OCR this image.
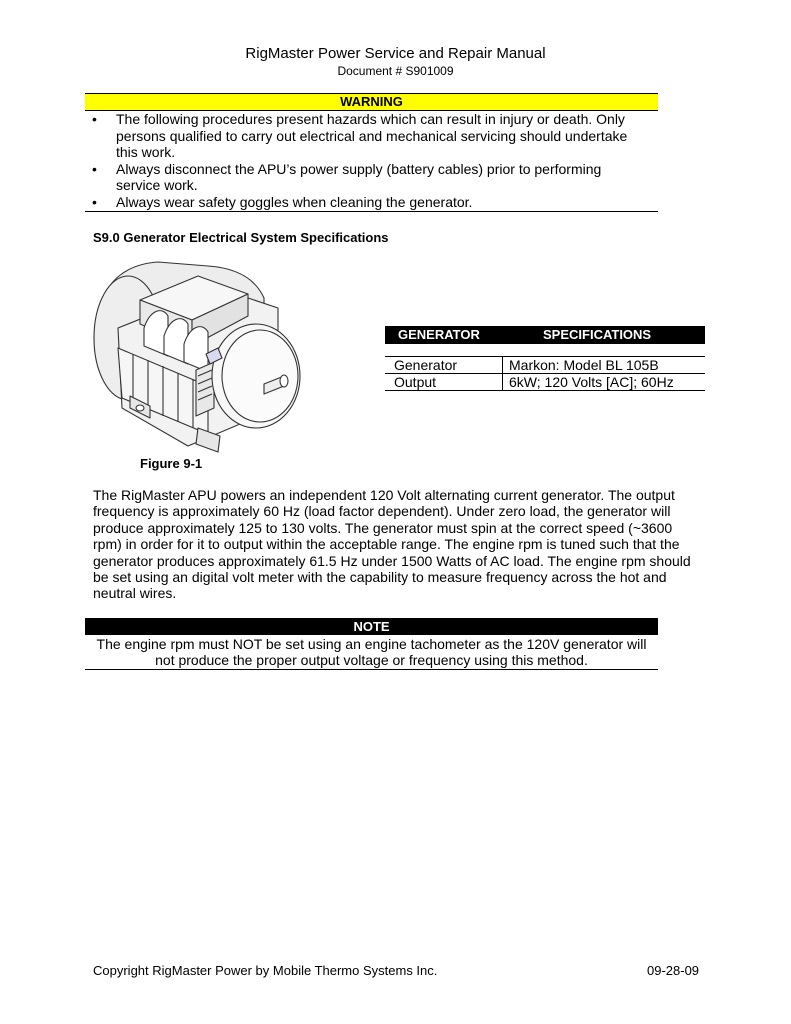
RigMaster Power Service and Repair Manual
Document # S901009
WARNING
• The following procedures present hazards which can result in injury or death. Only persons qualified to carry out electrical and mechanical servicing should undertake this work.
• Always disconnect the APU’s power supply (battery cables) prior to performing service work.
• Always wear safety goggles when cleaning the generator.
S9.0 Generator Electrical System Specifications
Figure 9-1
GENERATOR	SPECIFICATIONS
Generator	Markon: Model BL 105B
Output	6kW; 120 Volts [AC]; 60Hz

The RigMaster APU powers an independent 120 Volt alternating current generator. The output frequency is approximately 60 Hz (load factor dependent). Under zero load, the generator will produce approximately 125 to 130 volts. The generator must spin at the correct speed (~3600 rpm) in order for it to output within the acceptable range. The engine rpm is tuned such that the generator produces approximately 61.5 Hz under 1500 Watts of AC load. The engine rpm should be set using an digital volt meter with the capability to measure frequency across the hot and neutral wires.

NOTE
The engine rpm must NOT be set using an engine tachometer as the 120V generator will not produce the proper output voltage or frequency using this method.
Copyright RigMaster Power by Mobile Thermo Systems Inc.	09-28-09
